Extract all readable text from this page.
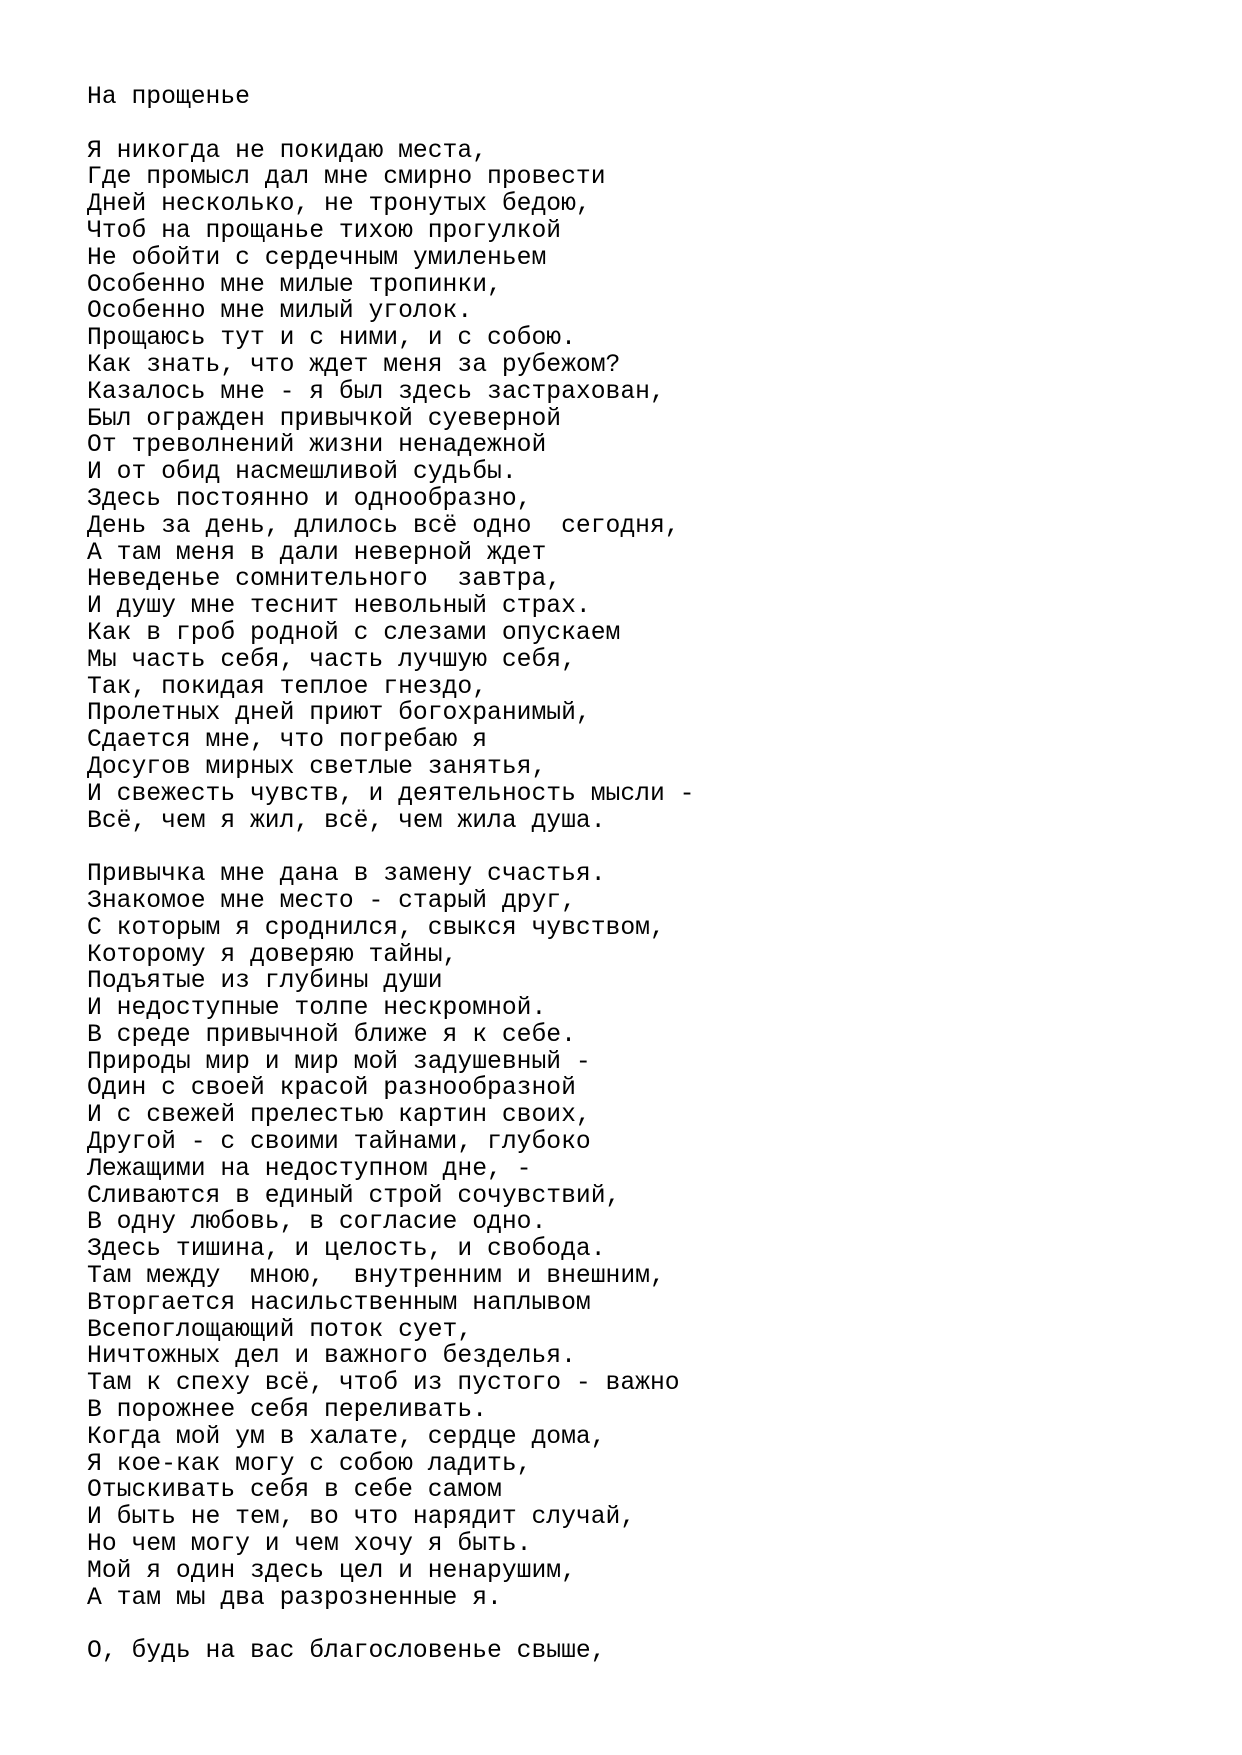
На прощенье
Я никогда не покидаю места,
Где промысл дал мне смирно провести
Дней несколько, не тронутых бедою,
Чтоб на прощанье тихою прогулкой
Не обойти с сердечным умиленьем
Особенно мне милые тропинки,
Особенно мне милый уголок.
Прощаюсь тут и с ними, и с собою.
Как знать, что ждет меня за рубежом?
Казалось мне - я был здесь застрахован,
Был огражден привычкой суеверной
От треволнений жизни ненадежной
И от обид насмешливой судьбы.
Здесь постоянно и однообразно,
День за день, длилось всё одно  сегодня,
А там меня в дали неверной ждет
Неведенье сомнительного  завтра,
И душу мне теснит невольный страх.
Как в гроб родной с слезами опускаем
Мы часть себя, часть лучшую себя,
Так, покидая теплое гнездо,
Пролетных дней приют богохранимый,
Сдается мне, что погребаю я
Досугов мирных светлые занятья,
И свежесть чувств, и деятельность мысли -
Всё, чем я жил, всё, чем жила душа.
Привычка мне дана в замену счастья.
Знакомое мне место - старый друг,
С которым я сроднился, свыкся чувством,
Которому я доверяю тайны,
Подъятые из глубины души
И недоступные толпе нескромной.
В среде привычной ближе я к себе.
Природы мир и мир мой задушевный -
Один с своей красой разнообразной
И с свежей прелестью картин своих,
Другой - с своими тайнами, глубоко
Лежащими на недоступном дне, -
Сливаются в единый строй сочувствий,
В одну любовь, в согласие одно.
Здесь тишина, и целость, и свобода.
Там между  мною,  внутренним и внешним,
Вторгается насильственным наплывом
Всепоглощающий поток сует,
Ничтожных дел и важного безделья.
Там к спеху всё, чтоб из пустого - важно
В порожнее себя переливать.
Когда мой ум в халате, сердце дома,
Я кое-как могу с собою ладить,
Отыскивать себя в себе самом
И быть не тем, во что нарядит случай,
Но чем могу и чем хочу я быть.
Мой я один здесь цел и ненарушим,
А там мы два разрозненные я.
О, будь на вас благословенье свыше,
